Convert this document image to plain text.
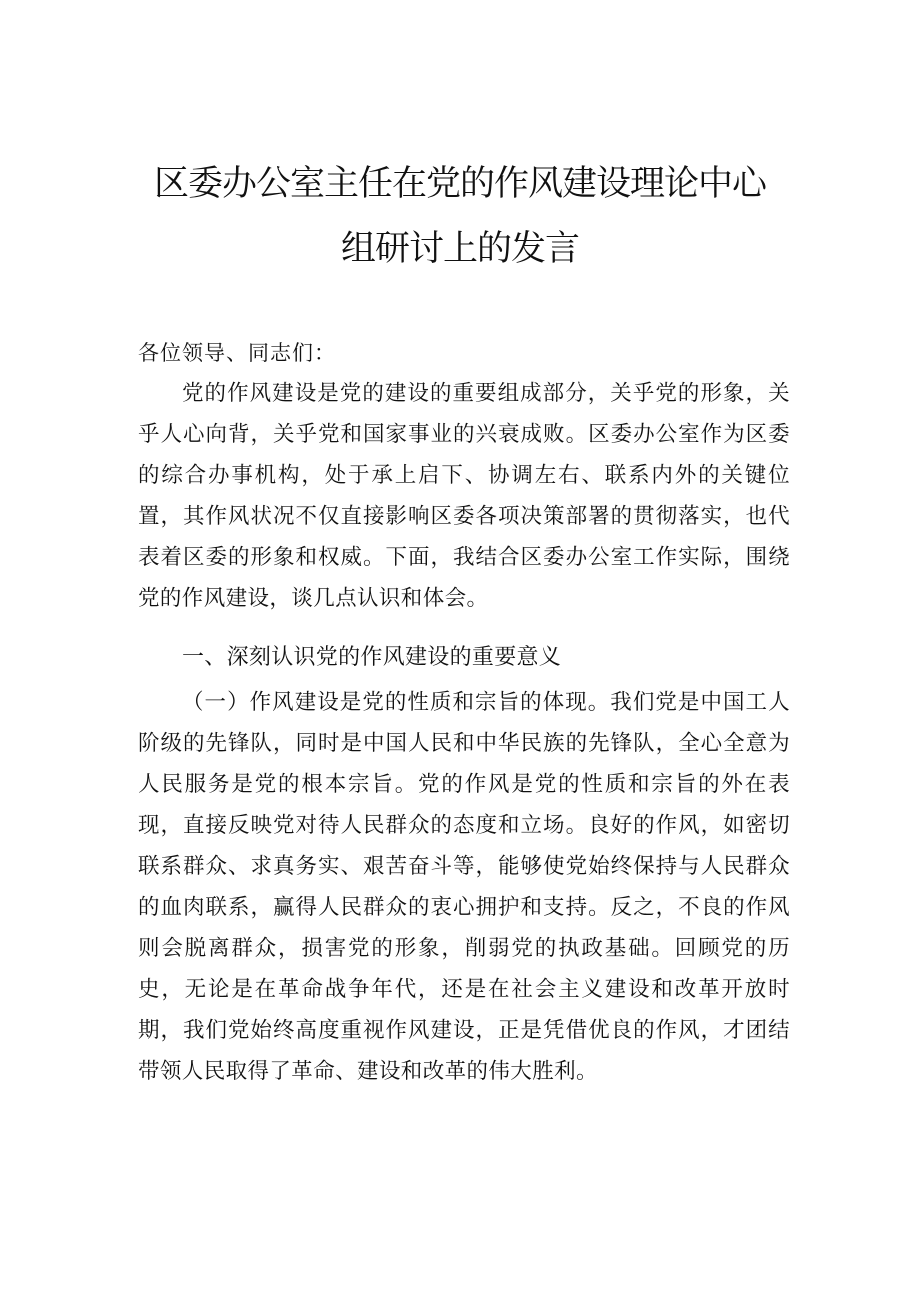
区委办公室主任在党的作风建设理论中心
组研讨上的发言
各位领导、同志们：

党的作风建设是党的建设的重要组成部分，关乎党的形象，关乎人心向背，关乎党和国家事业的兴衰成败。区委办公室作为区委的综合办事机构，处于承上启下、协调左右、联系内外的关键位置，其作风状况不仅直接影响区委各项决策部署的贯彻落实，也代表着区委的形象和权威。下面，我结合区委办公室工作实际，围绕党的作风建设，谈几点认识和体会。

一、深刻认识党的作风建设的重要意义

（一）作风建设是党的性质和宗旨的体现。我们党是中国工人阶级的先锋队，同时是中国人民和中华民族的先锋队，全心全意为人民服务是党的根本宗旨。党的作风是党的性质和宗旨的外在表现，直接反映党对待人民群众的态度和立场。良好的作风，如密切联系群众、求真务实、艰苦奋斗等，能够使党始终保持与人民群众的血肉联系，赢得人民群众的衷心拥护和支持。反之，不良的作风则会脱离群众，损害党的形象，削弱党的执政基础。回顾党的历史，无论是在革命战争年代，还是在社会主义建设和改革开放时期，我们党始终高度重视作风建设，正是凭借优良的作风，才团结带领人民取得了革命、建设和改革的伟大胜利。
